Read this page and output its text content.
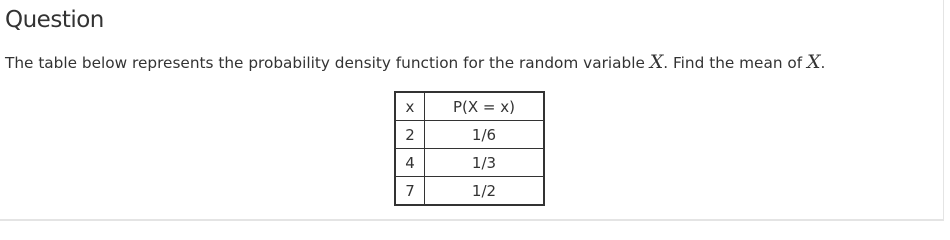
Question
The table below represents the probability density function for the random variable X. Find the mean of X.
x	P(X = x)
2	1/6
4	1/3
7	1/2
